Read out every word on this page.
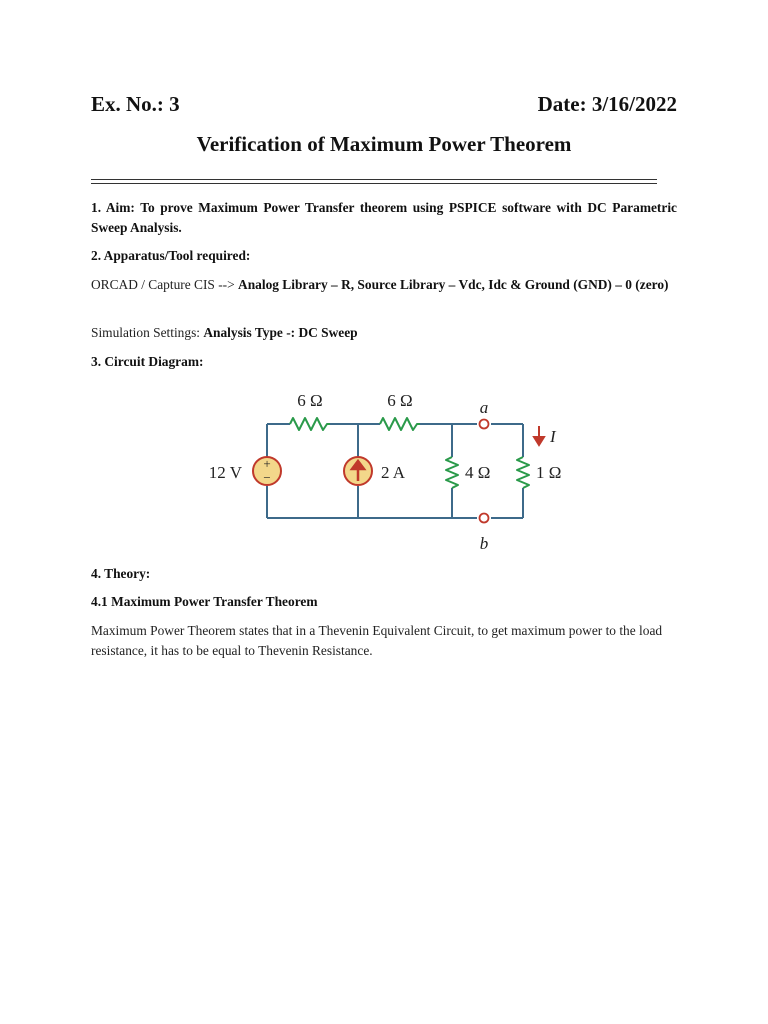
Ex. No.: 3	Date: 3/16/2022
Verification of Maximum Power Theorem
1. Aim: To prove Maximum Power Transfer theorem using PSPICE software with DC Parametric Sweep Analysis.
2. Apparatus/Tool required:
ORCAD / Capture CIS --> Analog Library – R, Source Library – Vdc, Idc & Ground (GND) – 0 (zero)
Simulation Settings: Analysis Type -: DC Sweep
3. Circuit Diagram:
+
−
6 Ω	6 Ω	a
b
I
12 V	2 A	4 Ω	1 Ω
4. Theory:
4.1 Maximum Power Transfer Theorem
Maximum Power Theorem states that in a Thevenin Equivalent Circuit, to get maximum power to the load resistance, it has to be equal to Thevenin Resistance.
